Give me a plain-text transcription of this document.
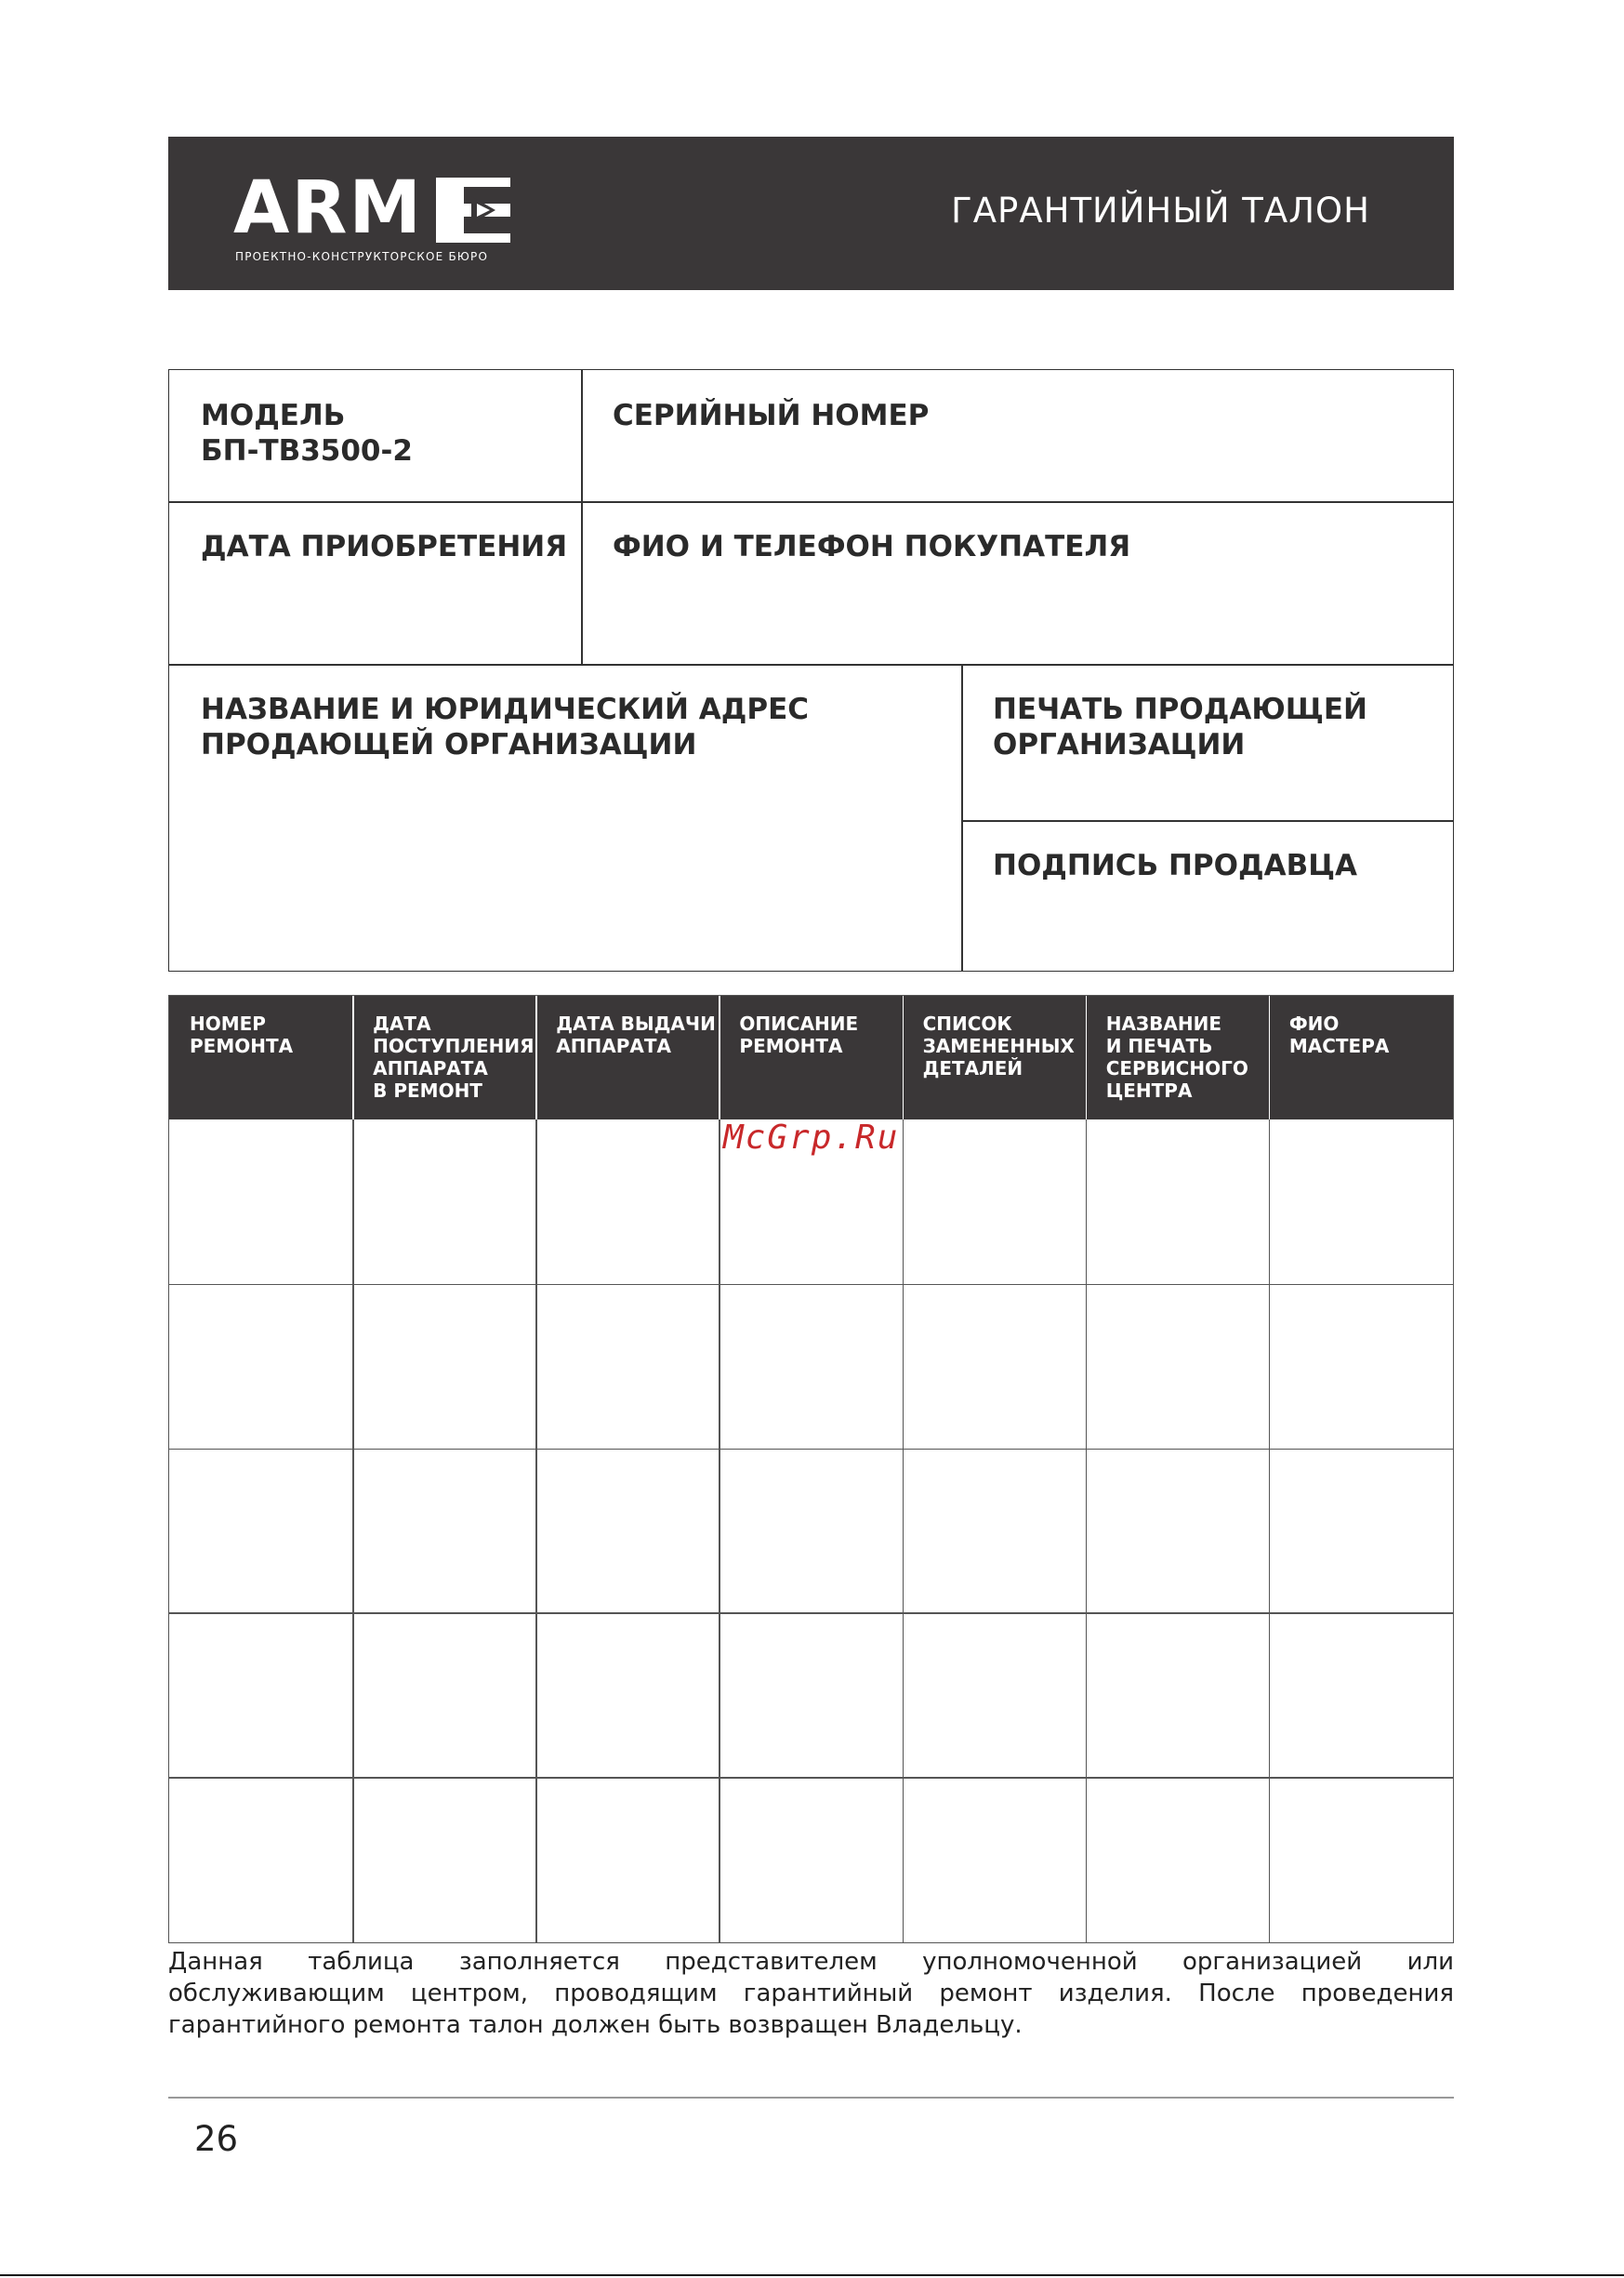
ARM
ПРОЕКТНО-КОНСТРУКТОРСКОЕ БЮРО
ГАРАНТИЙНЫЙ ТАЛОН
МОДЕЛЬ
БП-ТВ3500-2
СЕРИЙНЫЙ НОМЕР
ДАТА ПРИОБРЕТЕНИЯ	ФИО И ТЕЛЕФОН ПОКУПАТЕЛЯ
НАЗВАНИЕ И ЮРИДИЧЕСКИЙ АДРЕС
ПРОДАЮЩЕЙ ОРГАНИЗАЦИИ
ПЕЧАТЬ ПРОДАЮЩЕЙ
ОРГАНИЗАЦИИ
ПОДПИСЬ ПРОДАВЦА
НОМЕР
РЕМОНТА
ДАТА
ПОСТУПЛЕНИЯ
АППАРАТА
В РЕМОНТ
ДАТА ВЫДАЧИ
АППАРАТА
ОПИСАНИЕ
РЕМОНТА
СПИСОК
ЗАМЕНЕННЫХ
ДЕТАЛЕЙ
НАЗВАНИЕ
И ПЕЧАТЬ
СЕРВИСНОГО
ЦЕНТРА
ФИО
МАСТЕРА
McGrp.Ru
Данная таблица заполняется представителем уполномоченной организацией или обслуживающим центром, проводящим гарантийный ремонт изделия. После проведения гарантийного ремонта талон должен быть возвращен Владельцу.
26
